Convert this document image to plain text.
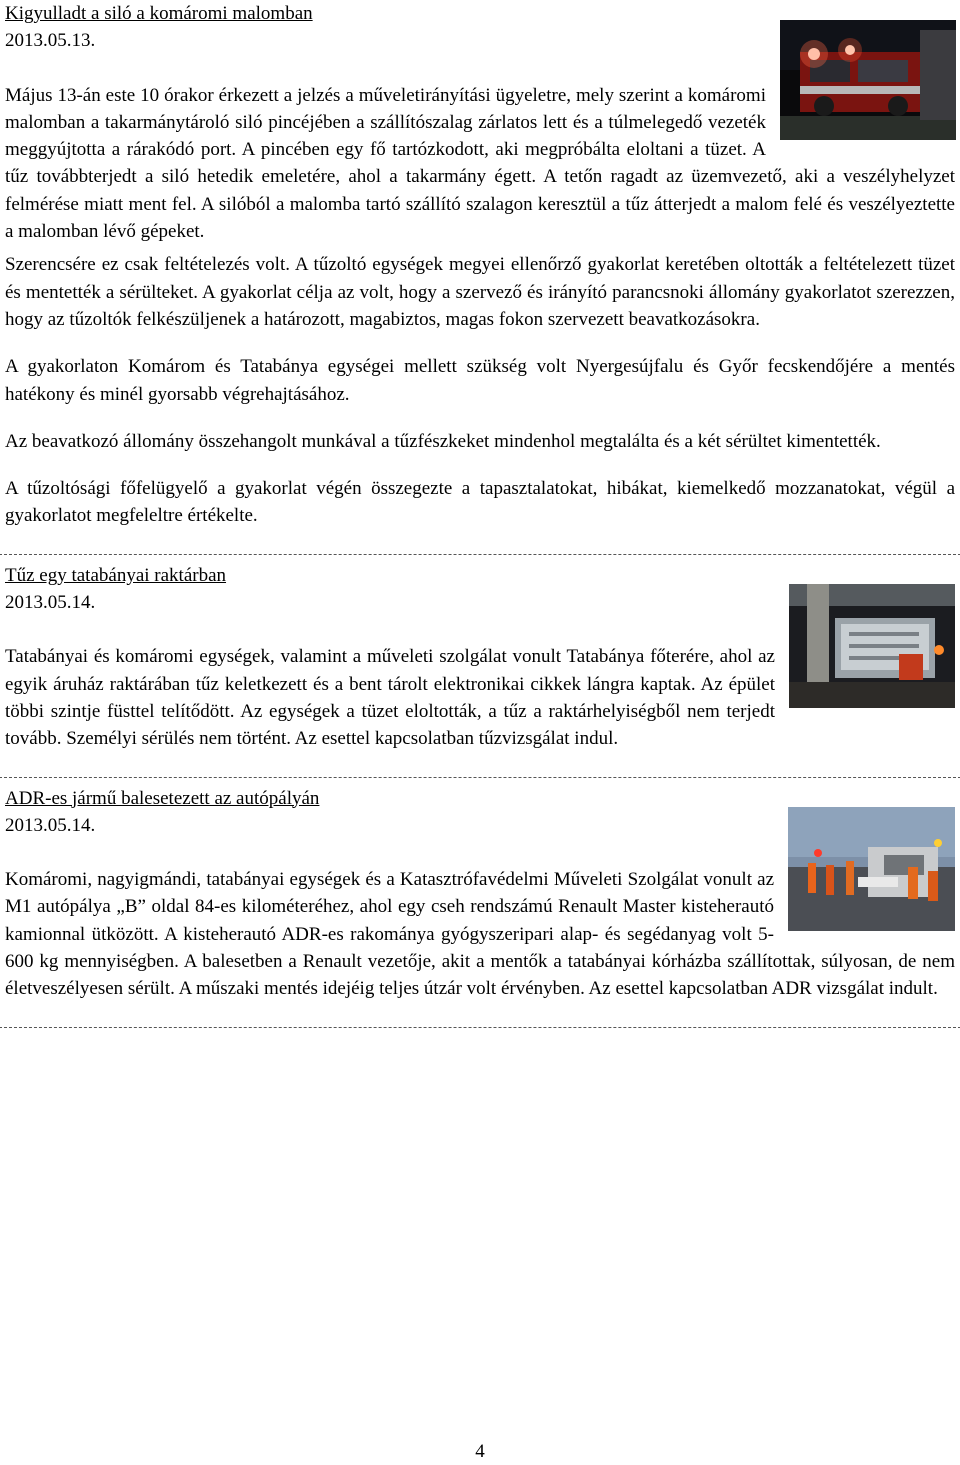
Kigyulladt a siló a komáromi malomban
2013.05.13.

Május 13-án este 10 órakor érkezett a jelzés a műveletirányítási ügyeletre, mely szerint a komáromi malomban a takarmánytároló siló pincéjében a szállítószalag zárlatos lett és a túlmelegedő vezeték meggyújtotta a rárakódó port. A pincében egy fő tartózkodott, aki megpróbálta eloltani a tüzet. A tűz továbbterjedt a siló hetedik emeletére, ahol a takarmány égett. A tetőn ragadt az üzemvezető, aki a veszélyhelyzet felmérése miatt ment fel. A silóból a malomba tartó szállító szalagon keresztül a tűz átterjedt a malom felé és veszélyeztette a malomban lévő gépeket.

Szerencsére ez csak feltételezés volt. A tűzoltó egységek megyei ellenőrző gyakorlat keretében oltották a feltételezett tüzet és mentették a sérülteket. A gyakorlat célja az volt, hogy a szervező és irányító parancsnoki állomány gyakorlatot szerezzen, hogy az tűzoltók felkészüljenek a határozott, magabiztos, magas fokon szervezett beavatkozásokra.

A gyakorlaton Komárom és Tatabánya egységei mellett szükség volt Nyergesújfalu és Győr fecskendőjére a mentés hatékony és minél gyorsabb végrehajtásához.

Az beavatkozó állomány összehangolt munkával a tűzfészkeket mindenhol megtalálta és a két sérültet kimentették.

A tűzoltósági főfelügyelő a gyakorlat végén összegezte a tapasztalatokat, hibákat, kiemelkedő mozzanatokat, végül a gyakorlatot megfeleltre értékelte.

Tűz egy tatabányai raktárban
2013.05.14.

Tatabányai és komáromi egységek, valamint a műveleti szolgálat vonult Tatabánya főterére, ahol az egyik áruház raktárában tűz keletkezett és a bent tárolt elektronikai cikkek lángra kaptak. Az épület többi szintje füsttel telítődött. Az egységek a tüzet eloltották, a tűz a raktárhelyiségből nem terjedt tovább. Személyi sérülés nem történt. Az esettel kapcsolatban tűzvizsgálat indul.

ADR-es jármű balesetezett az autópályán
2013.05.14.

Komáromi, nagyigmándi, tatabányai egységek és a Katasztrófavédelmi Műveleti Szolgálat vonult az M1 autópálya „B” oldal 84-es kilométeréhez, ahol egy cseh rendszámú Renault Master kisteherautó kamionnal ütközött. A kisteherautó ADR-es rakománya gyógyszeripari alap- és segédanyag volt 5-600 kg mennyiségben. A balesetben a Renault vezetője, akit a mentők a tatabányai kórházba szállítottak, súlyosan, de nem életveszélyesen sérült. A műszaki mentés idejéig teljes útzár volt érvényben. Az esettel kapcsolatban ADR vizsgálat indult.

4
